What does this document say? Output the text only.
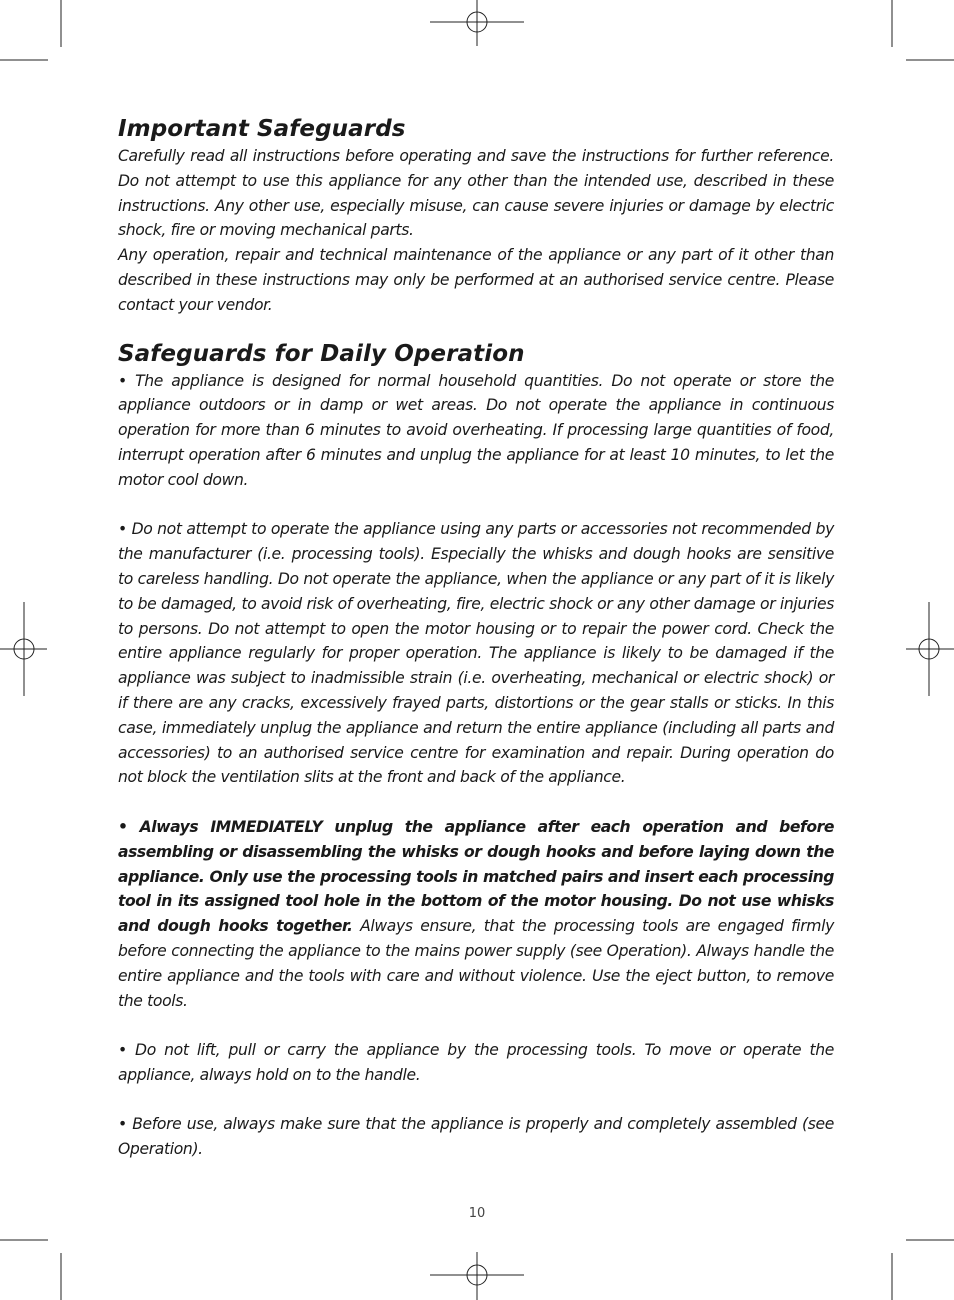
Important Safeguards

Carefully read all instructions before operating and save the instructions for further reference. Do not attempt to use this appliance for any other than the intended use, described in these instructions. Any other use, especially misuse, can cause severe injuries or damage by electric shock, fire or moving mechanical parts.

Any operation, repair and technical maintenance of the appliance or any part of it other than described in these instructions may only be performed at an authorised service centre. Please contact your vendor.

Safeguards for Daily Operation

• The appliance is designed for normal household quantities. Do not operate or store the appliance outdoors or in damp or wet areas. Do not operate the appliance in continuous operation for more than 6 minutes to avoid overheating. If processing large quantities of food, interrupt operation after 6 minutes and unplug the appliance for at least 10 minutes, to let the motor cool down.

• Do not attempt to operate the appliance using any parts or accessories not recommended by the manufacturer (i.e. processing tools). Especially the whisks and dough hooks are sensitive to careless handling. Do not operate the appliance, when the appliance or any part of it is likely to be damaged, to avoid risk of overheating, fire, electric shock or any other damage or injuries to persons. Do not attempt to open the motor housing or to repair the power cord. Check the entire appliance regularly for proper operation. The appliance is likely to be damaged if the appliance was subject to inadmissible strain (i.e. overheating, mechanical or electric shock) or if there are any cracks, excessively frayed parts, distortions or the gear stalls or sticks. In this case, immediately unplug the appliance and return the entire appliance (including all parts and accessories) to an authorised service centre for examination and repair. During operation do not block the ventilation slits at the front and back of the appliance.

• Always IMMEDIATELY unplug the appliance after each operation and before assembling or disassembling the whisks or dough hooks and before laying down the appliance. Only use the processing tools in matched pairs and insert each processing tool in its assigned tool hole in the bottom of the motor housing. Do not use whisks and dough hooks together. Always ensure, that the processing tools are engaged firmly before connecting the appliance to the mains power supply (see Operation). Always handle the entire appliance and the tools with care and without violence. Use the eject button, to remove the tools.

• Do not lift, pull or carry the appliance by the processing tools. To move or operate the appliance, always hold on to the handle.

• Before use, always make sure that the appliance is properly and completely assembled (see Operation).

10
